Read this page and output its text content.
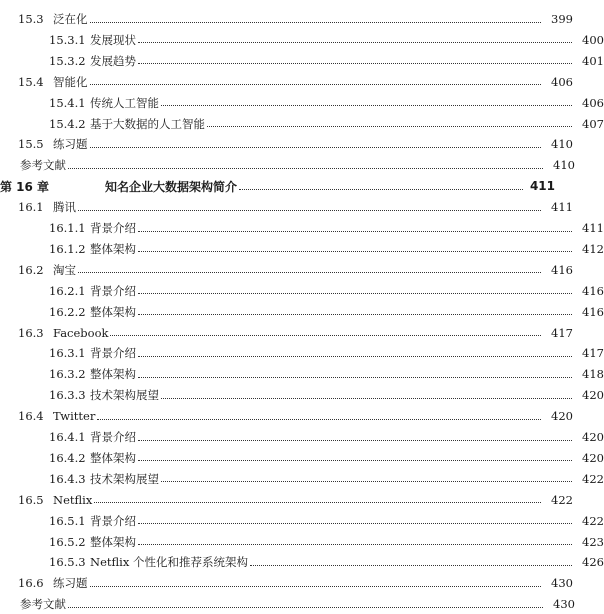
15.3 泛在化	399
15.3.1 发展现状	400
15.3.2 发展趋势	401
15.4 智能化	406
15.4.1 传统人工智能	406
15.4.2 基于大数据的人工智能	407
15.5 练习题	410
参考文献	410
第 16 章	知名企业大数据架构简介	411
16.1 腾讯	411
16.1.1 背景介绍	411
16.1.2 整体架构	412
16.2 淘宝	416
16.2.1 背景介绍	416
16.2.2 整体架构	416
16.3 Facebook	417
16.3.1 背景介绍	417
16.3.2 整体架构	418
16.3.3 技术架构展望	420
16.4 Twitter	420
16.4.1 背景介绍	420
16.4.2 整体架构	420
16.4.3 技术架构展望	422
16.5 Netflix	422
16.5.1 背景介绍	422
16.5.2 整体架构	423
16.5.3 Netflix 个性化和推荐系统架构	426
16.6 练习题	430
参考文献	430
